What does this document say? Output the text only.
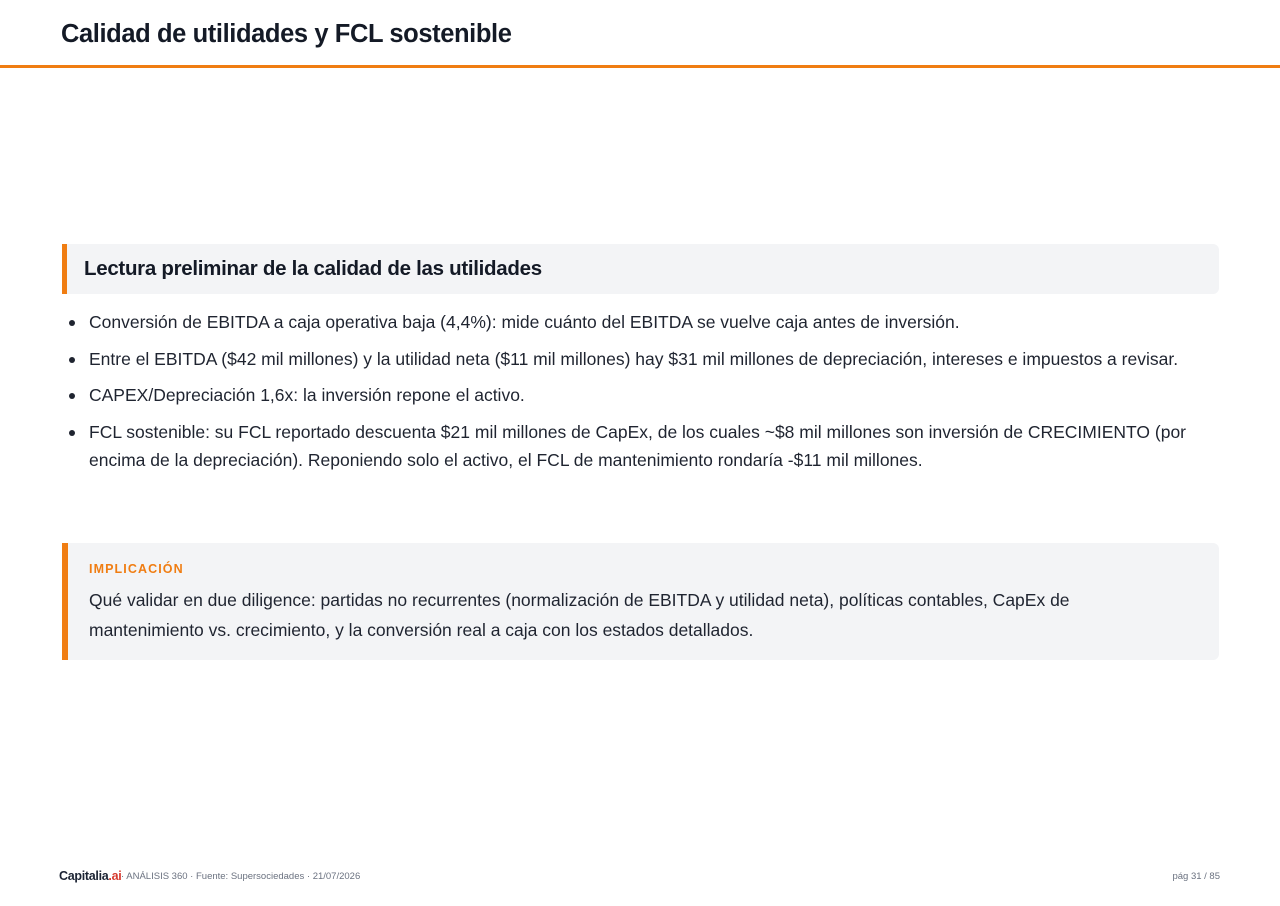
Calidad de utilidades y FCL sostenible
Lectura preliminar de la calidad de las utilidades
Conversión de EBITDA a caja operativa baja (4,4%): mide cuánto del EBITDA se vuelve caja antes de inversión.
Entre el EBITDA ($42 mil millones) y la utilidad neta ($11 mil millones) hay $31 mil millones de depreciación, intereses e impuestos a revisar.
CAPEX/Depreciación 1,6x: la inversión repone el activo.
FCL sostenible: su FCL reportado descuenta $21 mil millones de CapEx, de los cuales ~$8 mil millones son inversión de CRECIMIENTO (por encima de la depreciación). Reponiendo solo el activo, el FCL de mantenimiento rondaría -$11 mil millones.
IMPLICACIÓN

Qué validar en due diligence: partidas no recurrentes (normalización de EBITDA y utilidad neta), políticas contables, CapEx de mantenimiento vs. crecimiento, y la conversión real a caja con los estados detallados.

Capitalia.ai · ANÁLISIS 360 · Fuente: Supersociedades · 21/07/2026	pág 31 / 85
